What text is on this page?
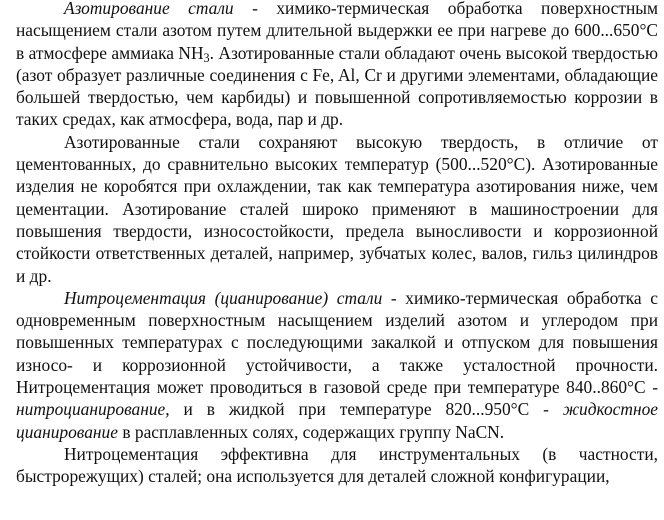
Азотирование стали - химико-термическая обработка поверхностным насыщением стали азотом путем длительной выдержки ее при нагреве до 600...650°С в атмосфере аммиака $NH_3$. Азотированные стали обладают очень высокой твердостью (азот образует различные соединения с Fe, Al, Cr и другими элементами, обладающие большей твердостью, чем карбиды) и повышенной сопротивляемостью коррозии в таких средах, как атмосфера, вода, пар и др.

Азотированные стали сохраняют высокую твердость, в отличие от цементованных, до сравнительно высоких температур (500...520°С). Азотированные изделия не коробятся при охлаждении, так как температура азотирования ниже, чем цементации. Азотирование сталей широко применяют в машиностроении для повышения твердости, износостойкости, предела выносливости и коррозионной стойкости ответственных деталей, например, зубчатых колес, валов, гильз цилиндров и др.

Нитроцементация (цианирование) стали - химико-термическая обработка с одновременным поверхностным насыщением изделий азотом и углеродом при повышенных температурах с последующими закалкой и отпуском для повышения износо- и коррозионной устойчивости, а также усталостной прочности. Нитроцементация может проводиться в газовой среде при температуре 840..860°С - нитроцианирование, и в жидкой при температуре 820...950°С - жидкостное цианирование в расплавленных солях, содержащих группу NaCN.

Нитроцементация эффективна для инструментальных (в частности, быстрорежущих) сталей; она используется для деталей сложной конфигурации,
